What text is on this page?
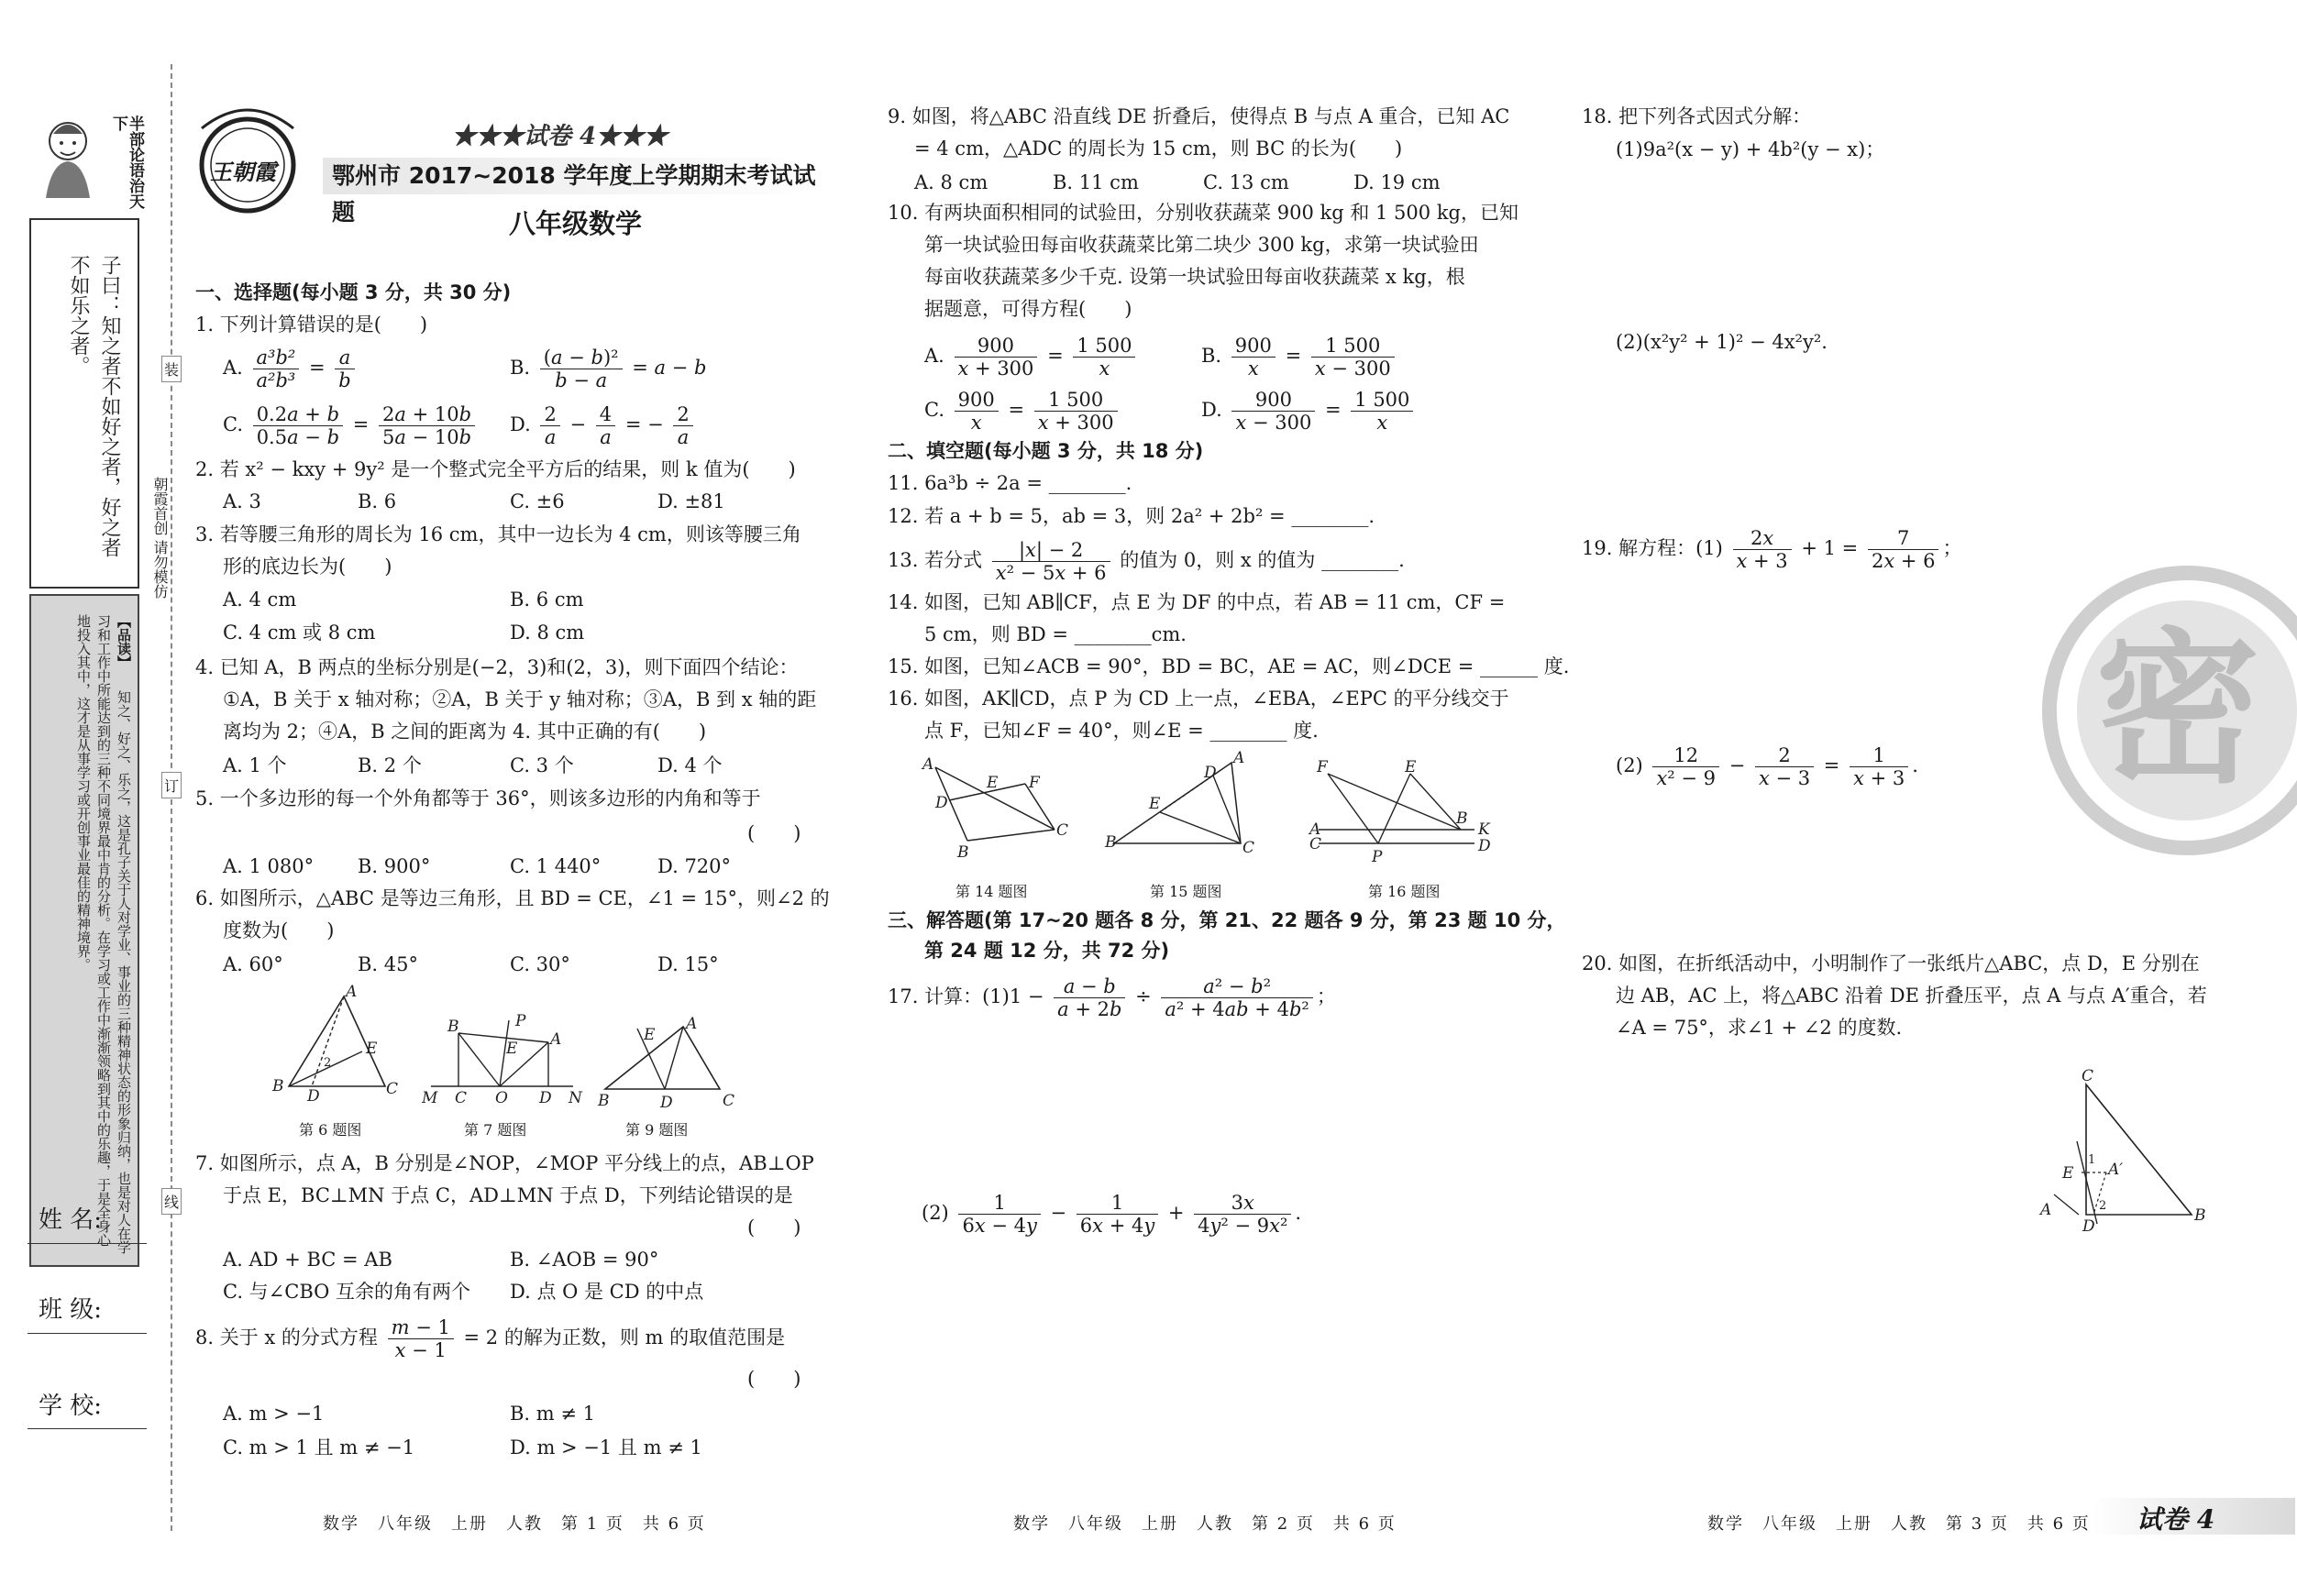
半部论语治天下
子曰：知之者不如好之者，好之者不如乐之者。
【品读】
知之、好之、乐之，这是孔子关于人对学业、事业的三种精神状态的形象归纳，也是对人在学习和工作中所能达到的三种不同境界最中肯的分析。在学习或工作中渐渐领略到其中的乐趣，于是全身心地投入其中，这才是从事学习或开创事业最佳的精神境界。
姓 名:
班 级:
学 校:
装
订
线
朝霞首创 请勿模仿
王朝霞
★★★试卷 4★★★
鄂州市 2017~2018 学年度上学期期末考试试题	八年级数学
一、选择题(每小题 3 分，共 30 分)
1. 下列计算错误的是(　　)
A. $\frac{\text{a³b²}}{\text{a²b³}} = \frac{a}{b}$	B. $\frac{\text{(a − b)²}}{b - a} = a - b$
C. $\frac{0.2a + b}{0.5a - b} = \frac{2a + 10b}{5a - 10b} D$. $\frac{2}{a} - \frac{4}{a}$ = − $\frac{2}{a}$
2. 若 x² − kxy + 9y² 是一个整式完全平方后的结果，则 k 值为(　　)
A. 3	B. 6	C. ±6	D. ±81
3. 若等腰三角形的周长为 16 cm，其中一边长为 4 cm，则该等腰三角
形的底边长为(　　)
A. 4 cm	B. 6 cm
C. 4 cm 或 8 cm	D. 8 cm
4. 已知 A，B 两点的坐标分别是(−2，3)和(2，3)，则下面四个结论：
①A，B 关于 x 轴对称；②A，B 关于 y 轴对称；③A，B 到 x 轴的距
离均为 2；④A，B 之间的距离为 4. 其中正确的有(　　)
A. 1 个	B. 2 个	C. 3 个	D. 4 个
5. 一个多边形的每一个外角都等于 36°，则该多边形的内角和等于
(　　)
A. 1 080° B. 900°	C. 1 440°	D. 720°
6. 如图所示，△ABC 是等边三角形，且 BD = CE，∠1 = 15°，则∠2 的
度数为(　　)
A. 60°	B. 45°	C. 30°	D. 15°
A
B	C
D
E
2
第 6 题图
B	P
A
E
M C O D N
第 7 题图
A
B	C
E
D
第 9 题图
7. 如图所示，点 A，B 分别是∠NOP，∠MOP 平分线上的点，AB⊥OP
于点 E，BC⊥MN 于点 C，AD⊥MN 于点 D，下列结论错误的是
(　　)
A. AD + BC = AB	B. ∠AOB = 90°
C. 与∠CBO 互余的角有两个 D. 点 O 是 CD 的中点
8. 关于 x 的分式方程 $\frac{m - 1}{x - 1} = 2$ 的解为正数，则 m 的取值范围是
(　　)
A. m > −1	B. m ≠ 1
C. m > 1 且 m ≠ −1	D. m > −1 且 m ≠ 1
数学　八年级　上册　人教　第 1 页　共 6 页
9. 如图，将△ABC 沿直线 DE 折叠后，使得点 B 与点 A 重合，已知 AC
= 4 cm，△ADC 的周长为 15 cm，则 BC 的长为(　　)
A. 8 cm	B. 11 cm	C. 13 cm	D. 19 cm
10. 有两块面积相同的试验田，分别收获蔬菜 900 kg 和 1 500 kg，已知
第一块试验田每亩收获蔬菜比第二块少 300 kg，求第一块试验田
每亩收获蔬菜多少千克. 设第一块试验田每亩收获蔬菜 x kg，根
据题意，可得方程(　　)
A. $\frac{900}{x + 300} = \frac{1 500}{x}$	B. $\frac{900}{x} = \frac{1 500}{x - 300}$
C. $\frac{900}{x} = \frac{1 500}{x + 300}$	D. $\frac{900}{x - 300} = \frac{1 500}{x}$
二、填空题(每小题 3 分，共 18 分)
11. 6a³b ÷ 2a = ________.
12. 若 a + b = 5，ab = 3，则 2a² + 2b² = ________.
13. 若分式 $\frac{|x| - 2}{\text{x² − 5x + 6}}$ 的值为 0，则 x 的值为 ________.
14. 如图，已知 AB∥CF，点 E 为 DF 的中点，若 AB = 11 cm，CF =
5 cm，则 BD = ________cm.
15. 如图，已知∠ACB = 90°，BD = BC，AE = AC，则∠DCE = ______ 度.
16. 如图，AK∥CD，点 P 为 CD 上一点，∠EBA，∠EPC 的平分线交于
点 F，已知∠F = 40°，则∠E = ________ 度.
A
D
E F
C
B
第 14 题图
A
D
E
B	C
第 15 题图
F	E
B
K
A
C
P
D
第 16 题图
三、解答题(第 17~20 题各 8 分，第 21、22 题各 9 分，第 23 题 10 分，
第 24 题 12 分，共 72 分)
17. 计算：$(1)1 - \frac{a - b}{a + 2b} \div \frac{\text{a² − b²}}{\text{a² + 4ab + 4b²}}$ ；
$(2) \frac{1}{6x - 4y} - \frac{1}{6x + 4y} + \frac{3x}{\text{4y² − 9x²}}$ .
数学　八年级　上册　人教　第 2 页　共 6 页
密
18. 把下列各式因式分解：
(1)9a²(x − y) + 4b²(y − x)；
(2)(x²y² + 1)² − 4x²y².
19. 解方程：$(1) \frac{2x}{x + 3} + 1 = \frac{7}{2x + 6}$ ；
$(2) \frac{12}{\text{x² − 9}} - \frac{2}{x - 3} = \frac{1}{x + 3}$ .
20. 如图，在折纸活动中，小明制作了一张纸片△ABC，点 D，E 分别在
边 AB，AC 上，将△ABC 沿着 DE 折叠压平，点 A 与点 A′重合，若
∠A = 75°，求∠1 + ∠2 的度数.
C
A	B
E A′
D
1
2
数学　八年级　上册　人教　第 3 页　共 6 页 试卷 4
